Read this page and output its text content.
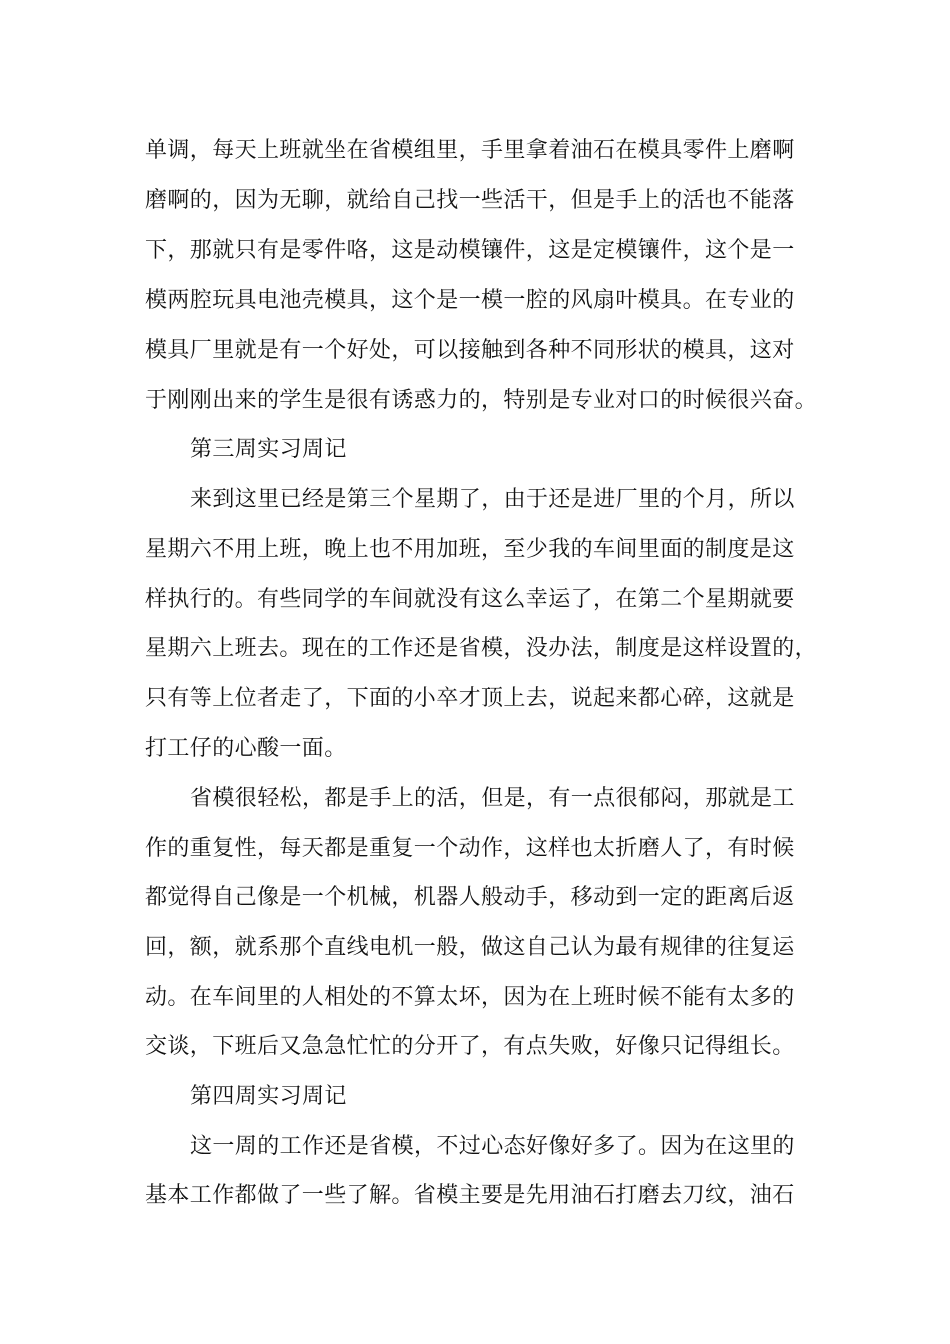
单调，每天上班就坐在省模组里，手里拿着油石在模具零件上磨啊
磨啊的，因为无聊，就给自己找一些活干，但是手上的活也不能落
下，那就只有是零件咯，这是动模镶件，这是定模镶件，这个是一
模两腔玩具电池壳模具，这个是一模一腔的风扇叶模具。在专业的
模具厂里就是有一个好处，可以接触到各种不同形状的模具，这对
于刚刚出来的学生是很有诱惑力的，特别是专业对口的时候很兴奋。
第三周实习周记
来到这里已经是第三个星期了，由于还是进厂里的个月，所以
星期六不用上班，晚上也不用加班，至少我的车间里面的制度是这
样执行的。有些同学的车间就没有这么幸运了，在第二个星期就要
星期六上班去。现在的工作还是省模，没办法，制度是这样设置的，
只有等上位者走了，下面的小卒才顶上去，说起来都心碎，这就是
打工仔的心酸一面。
省模很轻松，都是手上的活，但是，有一点很郁闷，那就是工
作的重复性，每天都是重复一个动作，这样也太折磨人了，有时候
都觉得自己像是一个机械，机器人般动手，移动到一定的距离后返
回，额，就系那个直线电机一般，做这自己认为最有规律的往复运
动。在车间里的人相处的不算太坏，因为在上班时候不能有太多的
交谈，下班后又急急忙忙的分开了，有点失败，好像只记得组长。
第四周实习周记
这一周的工作还是省模，不过心态好像好多了。因为在这里的
基本工作都做了一些了解。省模主要是先用油石打磨去刀纹，油石
